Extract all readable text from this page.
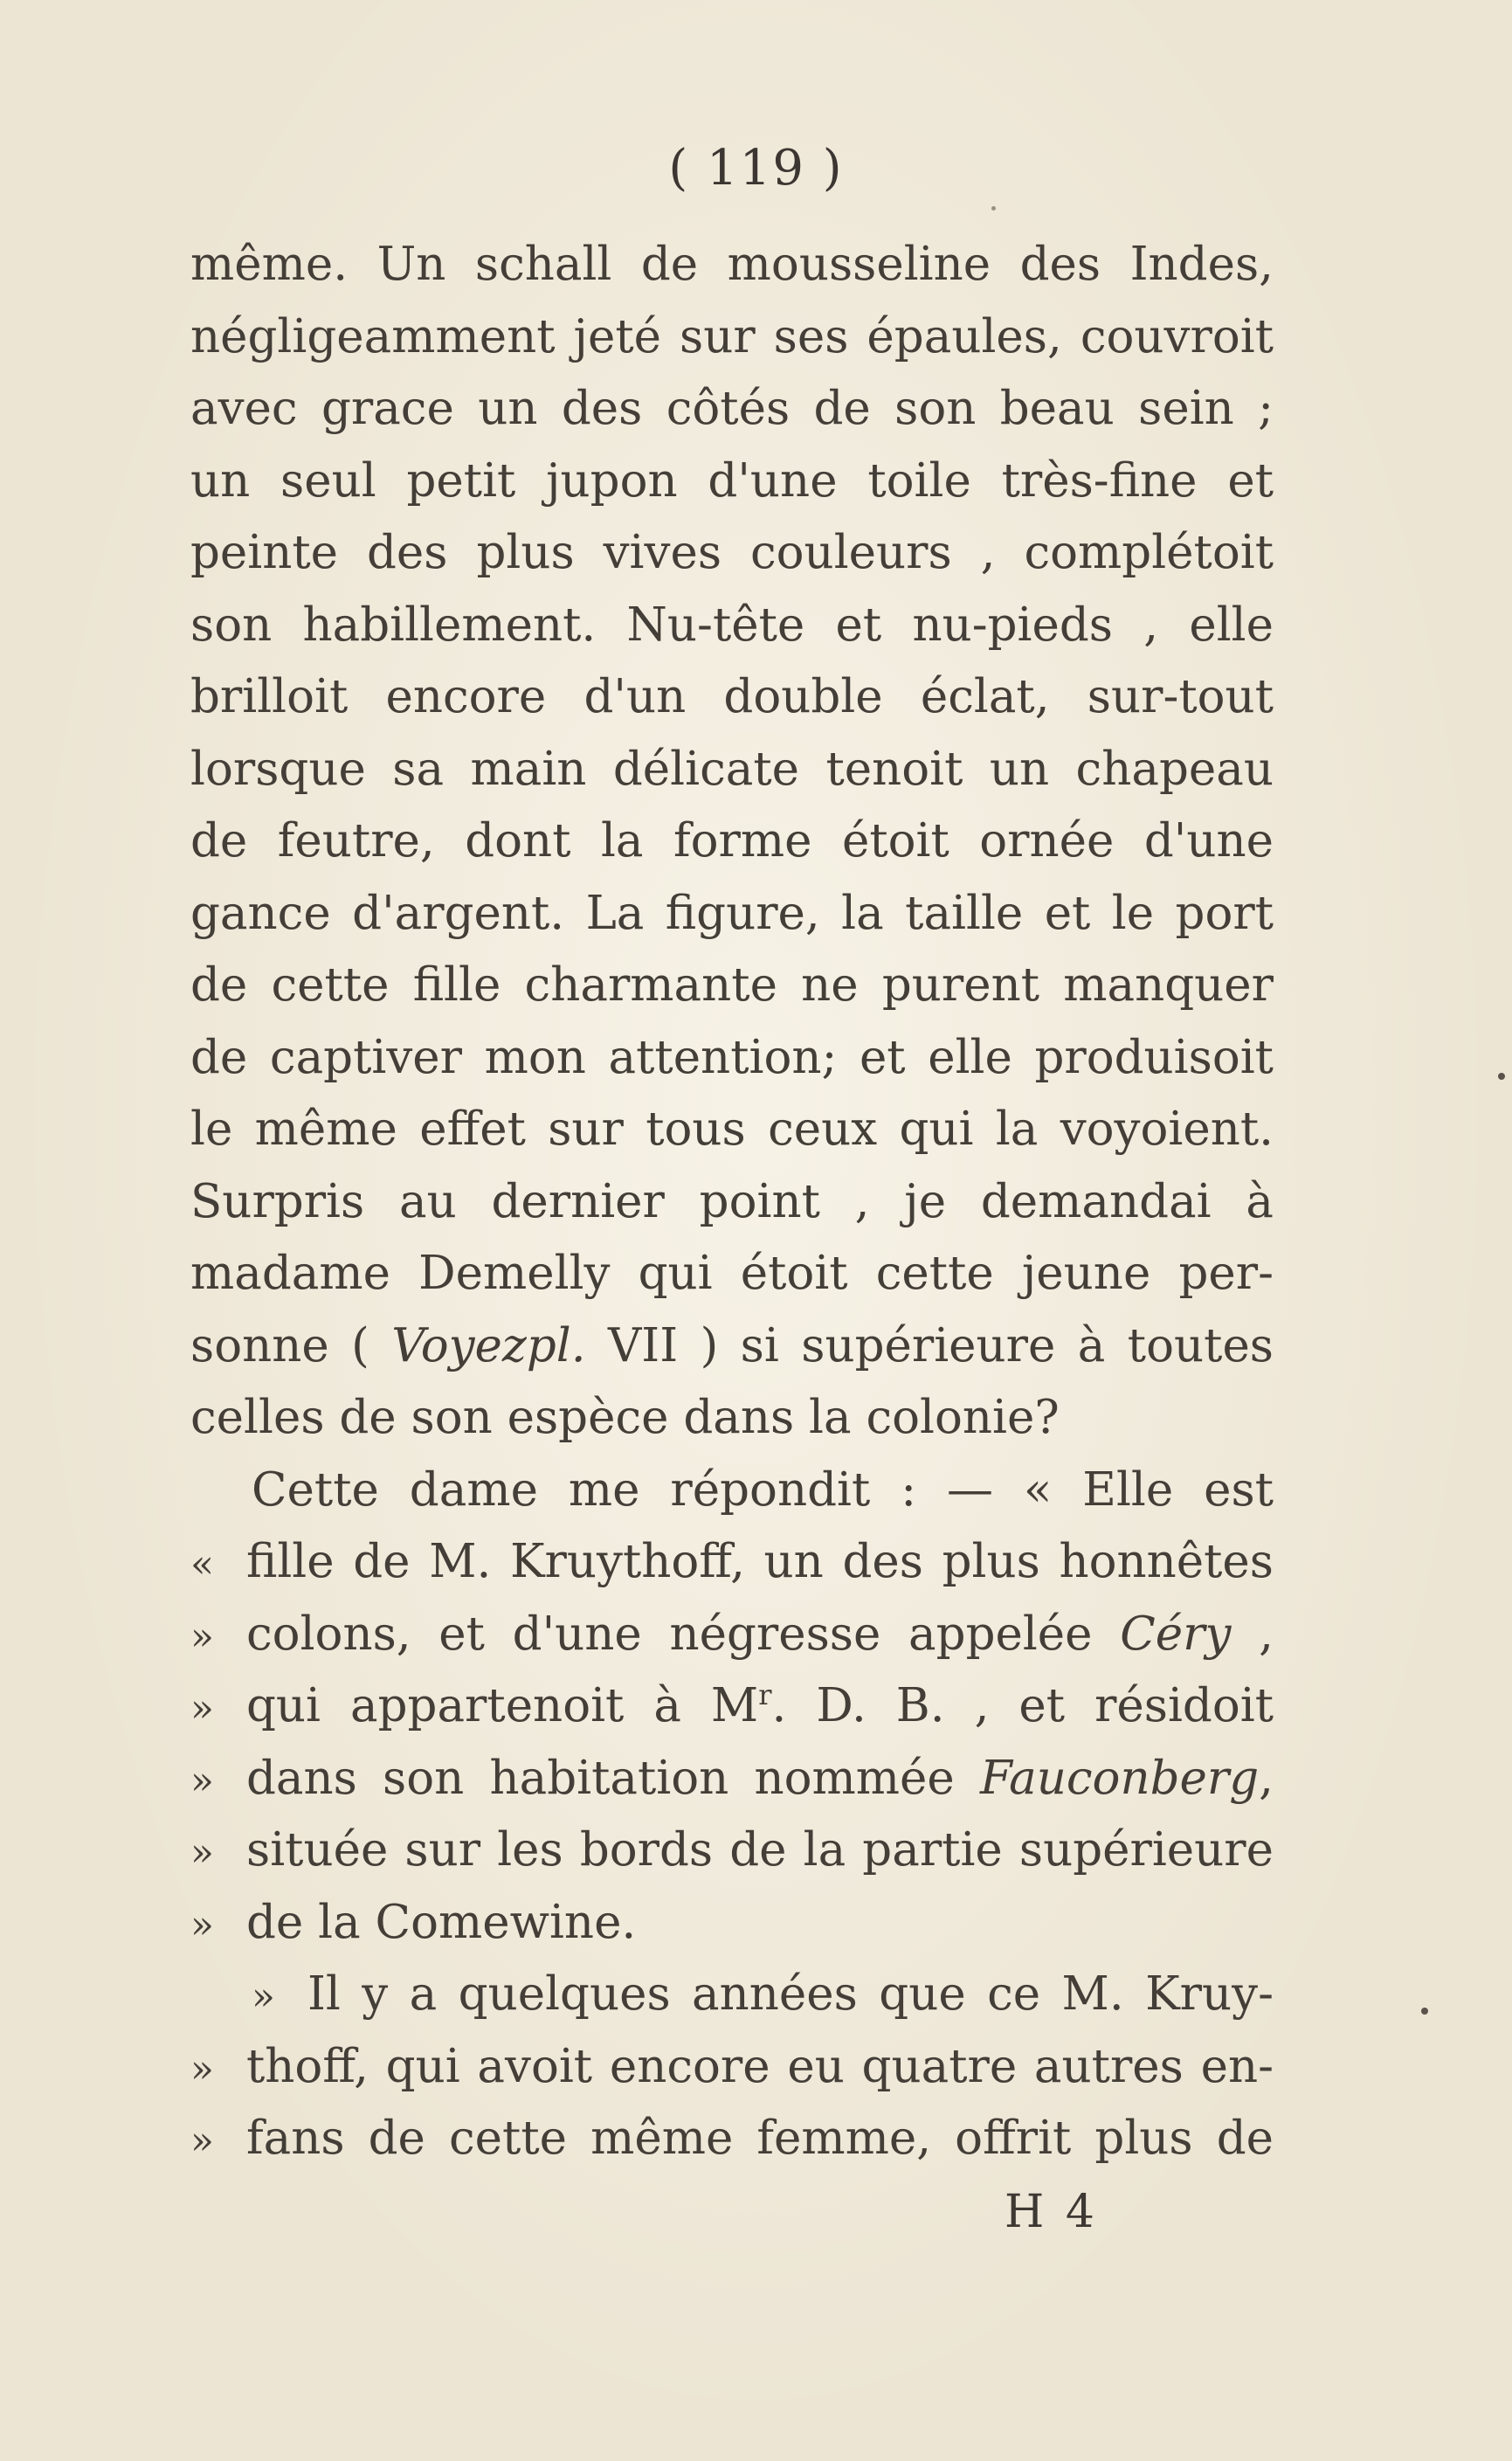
( 119 )
même. Un schall de mousseline des Indes,
négligeamment jeté sur ses épaules, couvroit
avec grace un des côtés de son beau sein ;
un seul petit jupon d'une toile très-fine et
peinte des plus vives couleurs , complétoit
son habillement. Nu-tête et nu-pieds , elle
brilloit encore d'un double éclat, sur-tout
lorsque sa main délicate tenoit un chapeau
de feutre, dont la forme étoit ornée d'une
gance d'argent. La figure, la taille et le port
de cette fille charmante ne purent manquer
de captiver mon attention; et elle produisoit
le même effet sur tous ceux qui la voyoient.
Surpris au dernier point , je demandai à
madame Demelly qui étoit cette jeune per-
sonne ( Voyezpl. VII ) si supérieure à toutes
celles de son espèce dans la colonie?
Cette dame me répondit : — « Elle est
« fille de M. Kruythoff, un des plus honnêtes
» colons, et d'une négresse appelée Céry ,
» qui appartenoit à $M^r$. D. B. , et résidoit
» dans son habitation nommée Fauconberg,
» située sur les bords de la partie supérieure
» de la Comewine.
» Il y a quelques années que ce M. Kruy-
» thoff, qui avoit encore eu quatre autres en-
» fans de cette même femme, offrit plus de
H 4
